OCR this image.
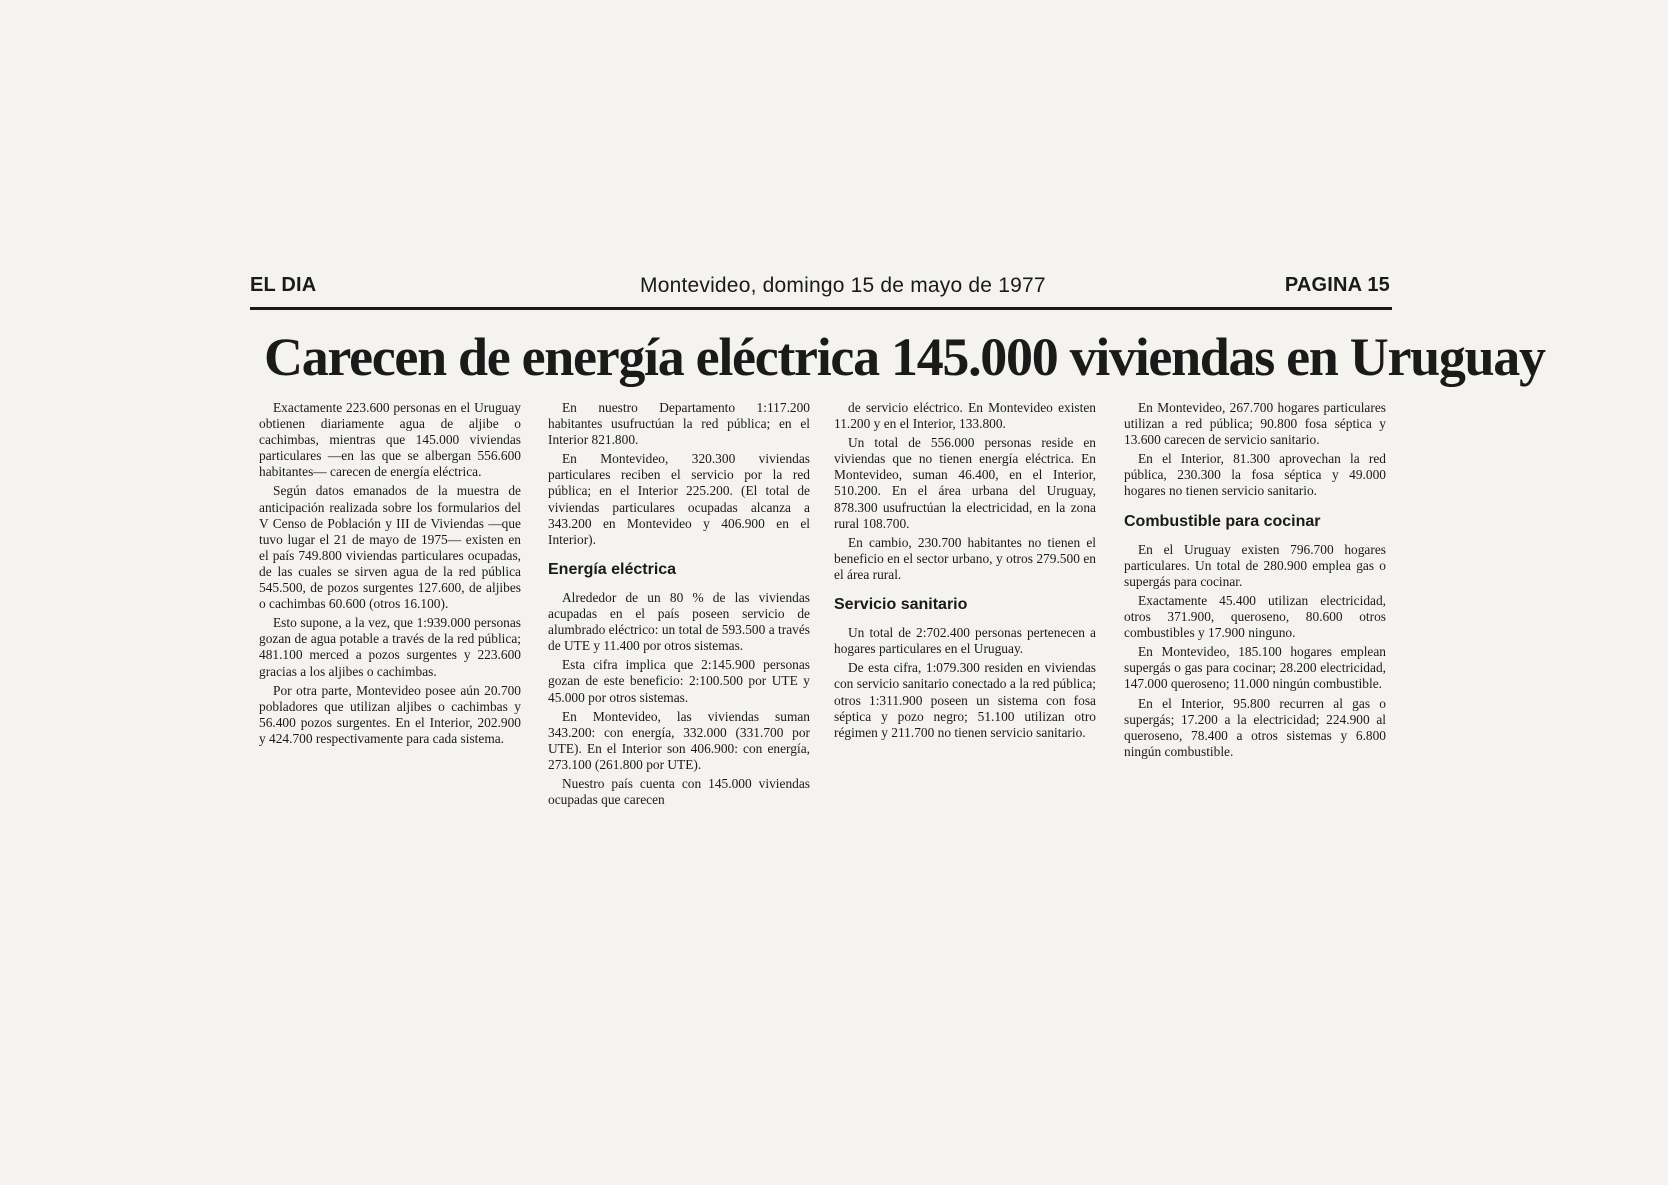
EL DIA	Montevideo, domingo 15 de mayo de 1977	PAGINA 15
Carecen de energía eléctrica 145.000 viviendas en Uruguay

Exactamente 223.600 personas en el Uruguay obtienen diariamente agua de aljibe o cachimbas, mientras que 145.000 viviendas particulares —en las que se albergan 556.600 habitantes— carecen de energía eléctrica.

Según datos emanados de la muestra de anticipación realizada sobre los formularios del V Censo de Población y III de Viviendas —que tuvo lugar el 21 de mayo de 1975— existen en el país 749.800 viviendas particulares ocupadas, de las cuales se sirven agua de la red pública 545.500, de pozos surgentes 127.600, de aljibes o cachimbas 60.600 (otros 16.100).

Esto supone, a la vez, que 1:939.000 personas gozan de agua potable a través de la red pública; 481.100 merced a pozos surgentes y 223.600 gracias a los aljibes o cachimbas.

Por otra parte, Montevideo posee aún 20.700 pobladores que utilizan aljibes o cachimbas y 56.400 pozos surgentes. En el Interior, 202.900 y 424.700 respectivamente para cada sistema.

En nuestro Departamento 1:117.200 habitantes usufructúan la red pública; en el Interior 821.800.

En Montevideo, 320.300 viviendas particulares reciben el servicio por la red pública; en el Interior 225.200. (El total de viviendas particulares ocupadas alcanza a 343.200 en Montevideo y 406.900 en el Interior).

Energía eléctrica

Alrededor de un 80 % de las viviendas acupadas en el país poseen servicio de alumbrado eléctrico: un total de 593.500 a través de UTE y 11.400 por otros sistemas.

Esta cifra implica que 2:145.900 personas gozan de este beneficio: 2:100.500 por UTE y 45.000 por otros sistemas.

En Montevideo, las viviendas suman 343.200: con energía, 332.000 (331.700 por UTE). En el Interior son 406.900: con energía, 273.100 (261.800 por UTE).

Nuestro país cuenta con 145.000 viviendas ocupadas que carecen

de servicio eléctrico. En Montevideo existen 11.200 y en el Interior, 133.800.

Un total de 556.000 personas reside en viviendas que no tienen energía eléctrica. En Montevideo, suman 46.400, en el Interior, 510.200. En el área urbana del Uruguay, 878.300 usufructúan la electricidad, en la zona rural 108.700.

En cambio, 230.700 habitantes no tienen el beneficio en el sector urbano, y otros 279.500 en el área rural.

Servicio sanitario

Un total de 2:702.400 personas pertenecen a hogares particulares en el Uruguay.

De esta cifra, 1:079.300 residen en viviendas con servicio sanitario conectado a la red pública; otros 1:311.900 poseen un sistema con fosa séptica y pozo negro; 51.100 utilizan otro régimen y 211.700 no tienen servicio sanitario.

En Montevideo, 267.700 hogares particulares utilizan a red pública; 90.800 fosa séptica y 13.600 carecen de servicio sanitario.

En el Interior, 81.300 aprovechan la red pública, 230.300 la fosa séptica y 49.000 hogares no tienen servicio sanitario.

Combustible para cocinar

En el Uruguay existen 796.700 hogares particulares. Un total de 280.900 emplea gas o supergás para cocinar.

Exactamente 45.400 utilizan electricidad, otros 371.900, queroseno, 80.600 otros combustibles y 17.900 ninguno.

En Montevideo, 185.100 hogares emplean supergás o gas para cocinar; 28.200 electricidad, 147.000 queroseno; 11.000 ningún combustible.

En el Interior, 95.800 recurren al gas o supergás; 17.200 a la electricidad; 224.900 al queroseno, 78.400 a otros sistemas y 6.800 ningún combustible.
